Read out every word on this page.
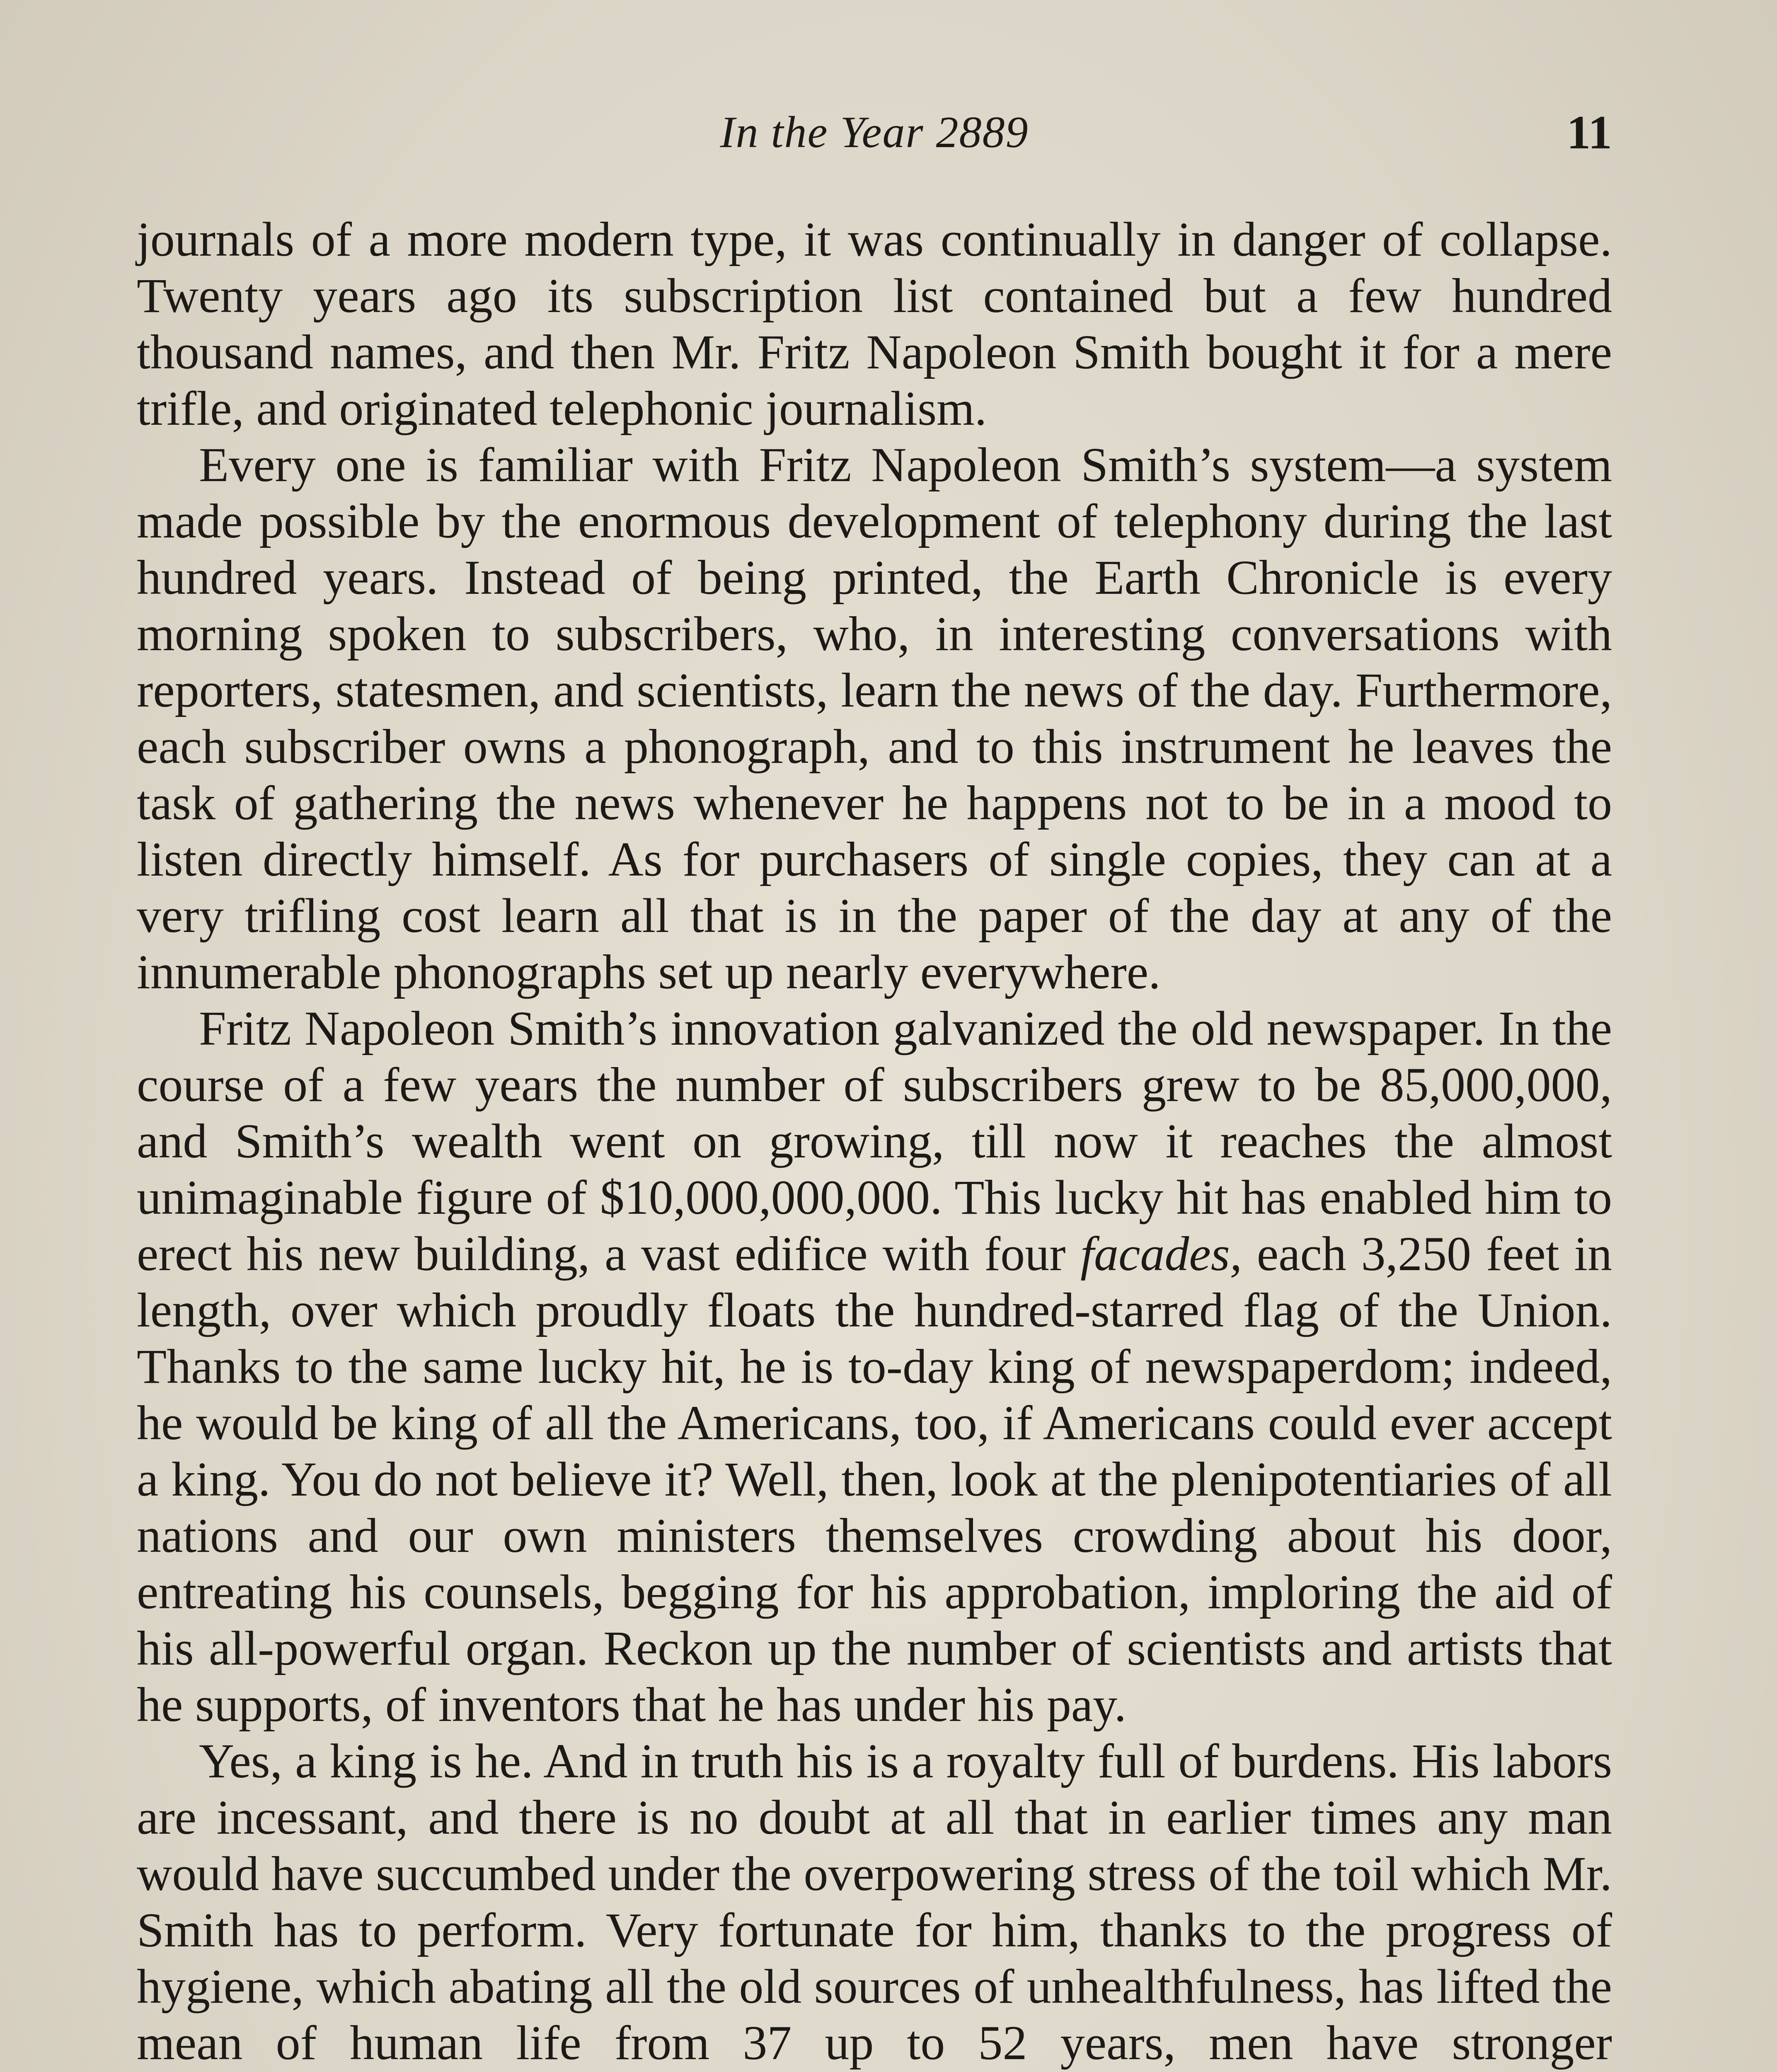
In the Year 2889	11

journals of a more modern type, it was continually in danger of collapse. Twenty years ago its subscription list contained but a few hundred thousand names, and then Mr. Fritz Napoleon Smith bought it for a mere trifle, and originated telephonic journalism.

Every one is familiar with Fritz Napoleon Smith’s system—a system made possible by the enormous development of telephony during the last hundred years. Instead of being printed, the Earth Chronicle is every morning spoken to subscribers, who, in interesting conversations with reporters, statesmen, and scientists, learn the news of the day. Furthermore, each subscriber owns a phonograph, and to this instrument he leaves the task of gathering the news whenever he happens not to be in a mood to listen directly himself. As for purchasers of single copies, they can at a very trifling cost learn all that is in the paper of the day at any of the innumerable phonographs set up nearly everywhere.

Fritz Napoleon Smith’s innovation galvanized the old newspaper. In the course of a few years the number of subscribers grew to be 85,000,000, and Smith’s wealth went on growing, till now it reaches the almost unimaginable figure of $10,000,000,000. This lucky hit has enabled him to erect his new building, a vast edifice with four facades, each 3,250 feet in length, over which proudly floats the hundred-starred flag of the Union. Thanks to the same lucky hit, he is to-day king of newspaperdom; indeed, he would be king of all the Americans, too, if Americans could ever accept a king. You do not believe it? Well, then, look at the plenipotentiaries of all nations and our own ministers themselves crowding about his door, entreating his counsels, begging for his approbation, imploring the aid of his all-powerful organ. Reckon up the number of scientists and artists that he supports, of inventors that he has under his pay.

Yes, a king is he. And in truth his is a royalty full of burdens. His labors are incessant, and there is no doubt at all that in earlier times any man would have succumbed under the overpowering stress of the toil which Mr. Smith has to perform. Very fortunate for him, thanks to the progress of hygiene, which abating all the old sources of unhealthfulness, has lifted the mean of human life from 37 up to 52 years, men have stronger
